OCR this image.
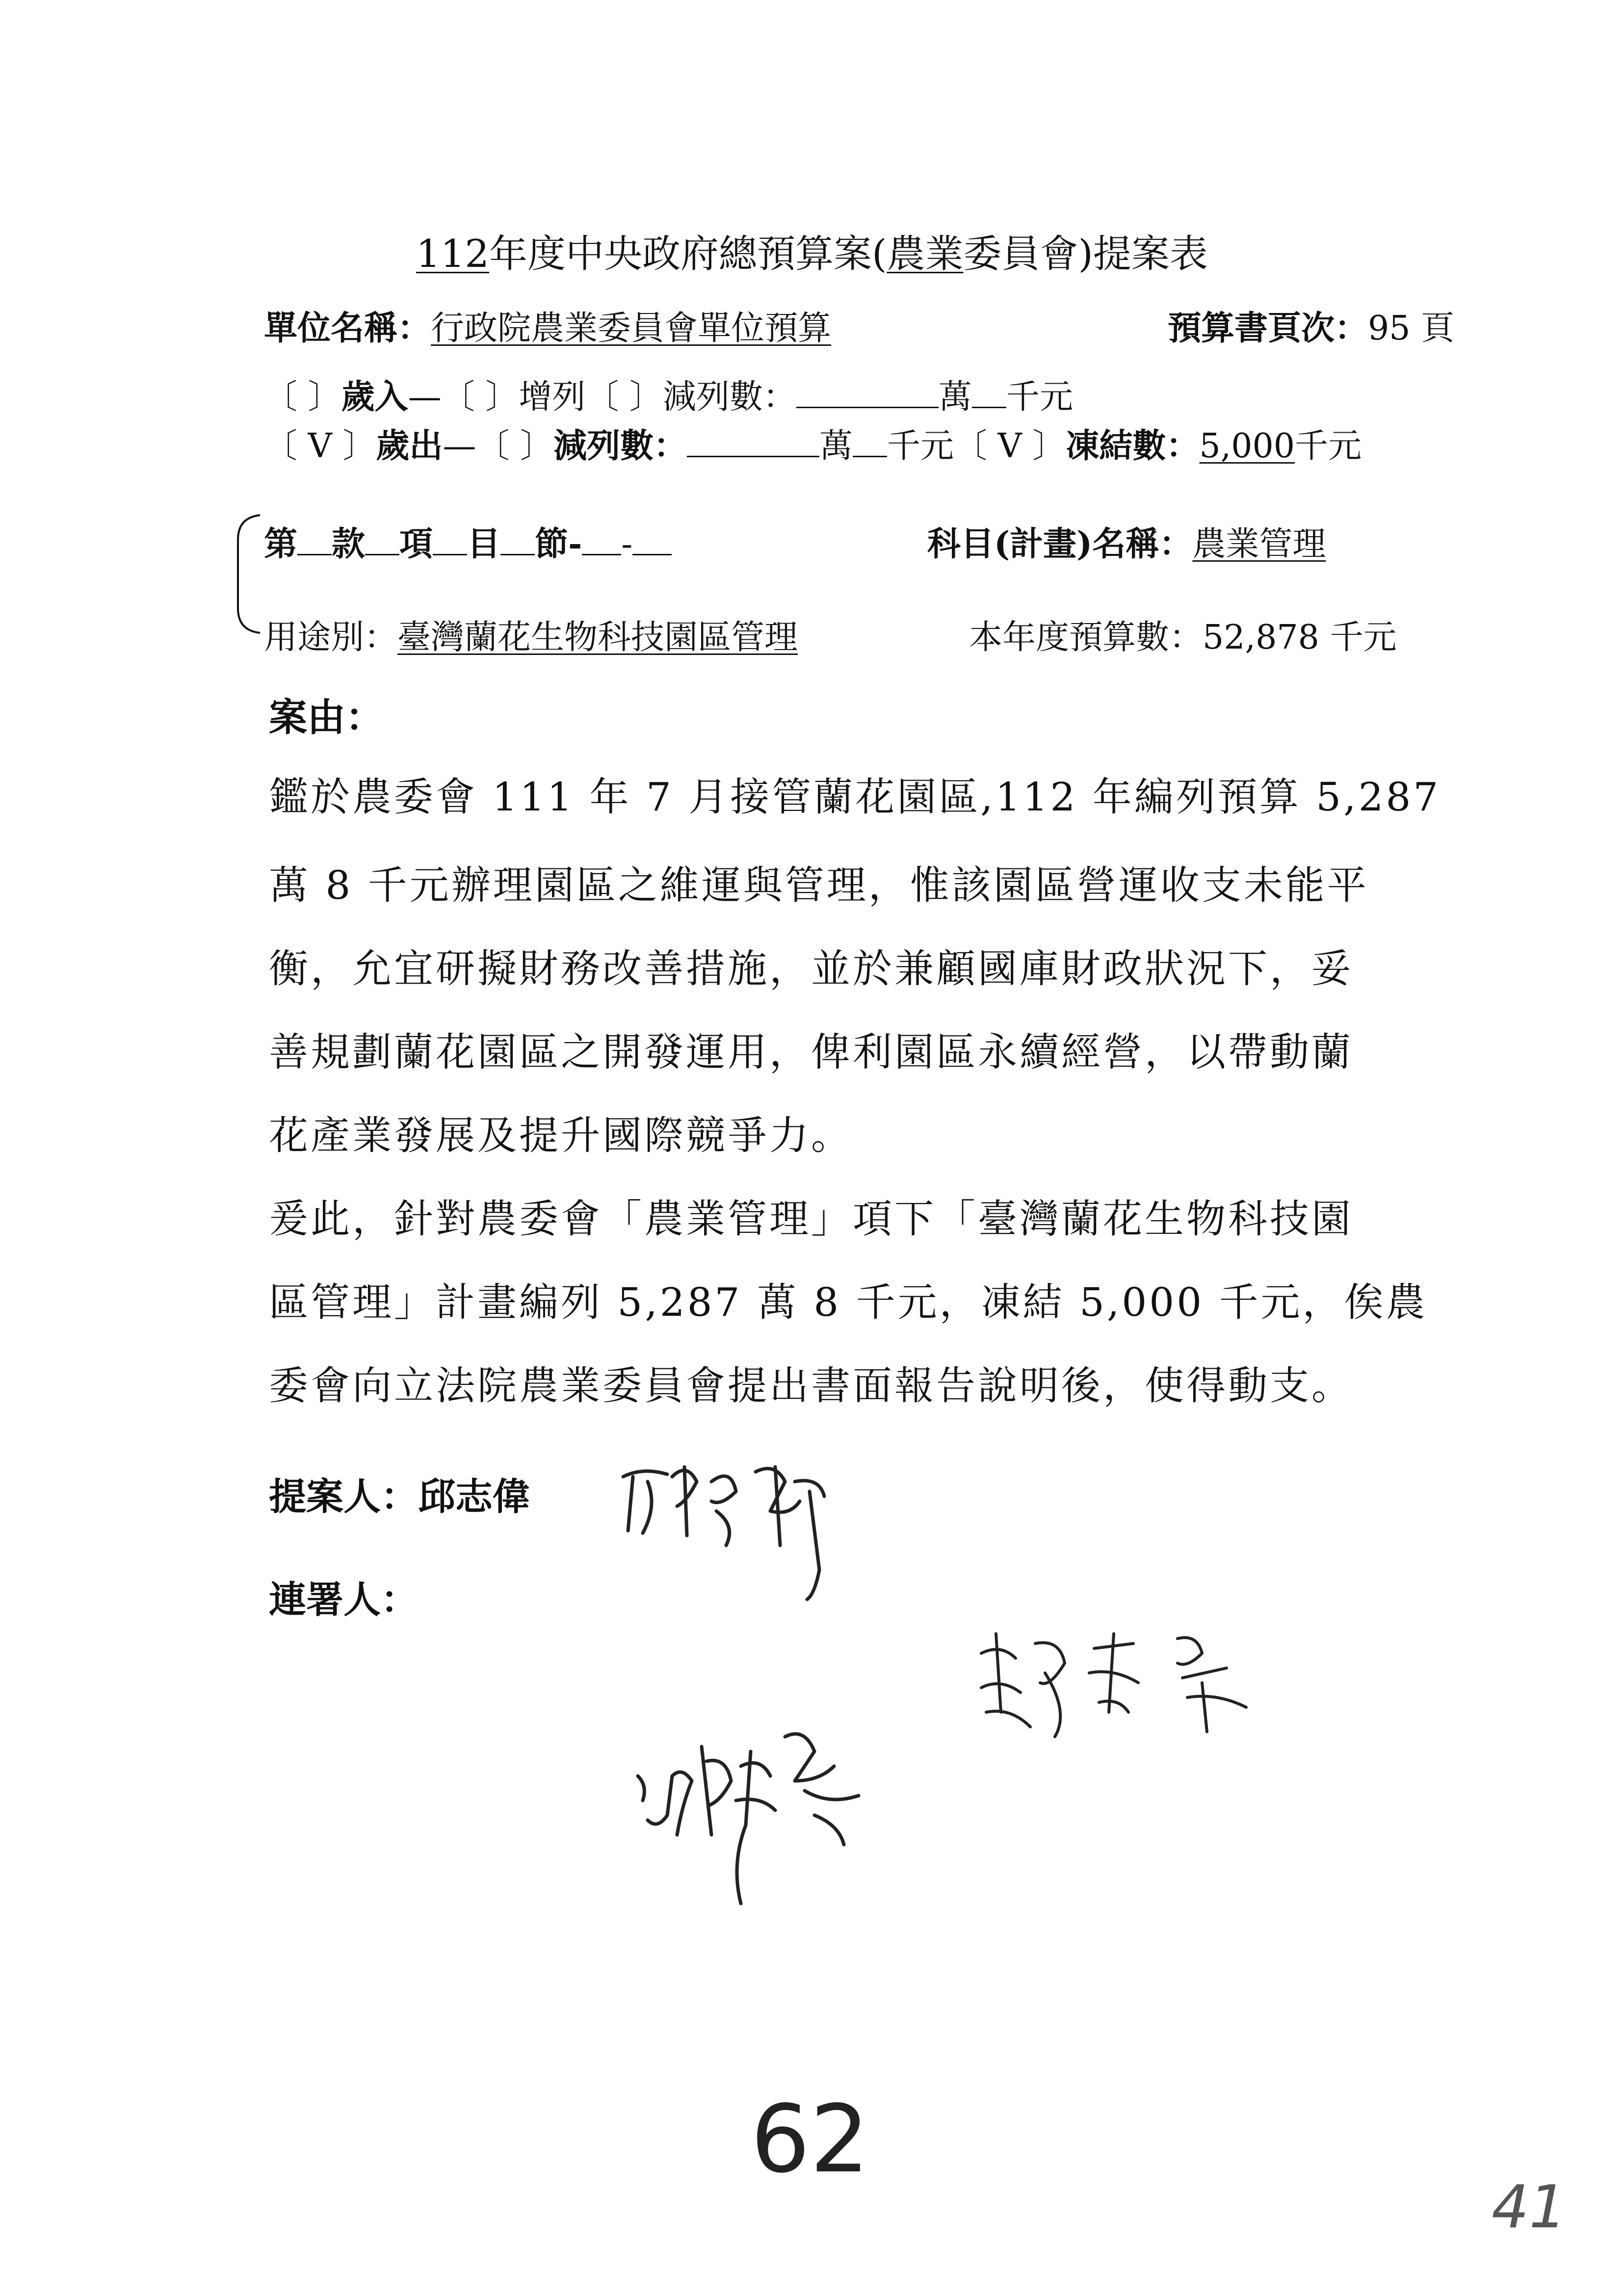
112年度中央政府總預算案(農業委員會)提案表
單位名稱：行政院農業委員會單位預算	預算書頁次：95 頁
〔 〕歲入—〔 〕增列〔 〕減列數：	萬 千元
〔 V 〕歲出—〔 〕減列數：	萬 千元〔 V 〕凍結數：5,000千元
第 款 項 目 節- -	科目(計畫)名稱：農業管理
用途別：臺灣蘭花生物科技園區管理	本年度預算數：52,878 千元
案由：
鑑於農委會 111 年 7 月接管蘭花園區,112 年編列預算 5,287
萬 8 千元辦理園區之維運與管理，惟該園區營運收支未能平
衡，允宜研擬財務改善措施，並於兼顧國庫財政狀況下，妥
善規劃蘭花園區之開發運用，俾利園區永續經營，以帶動蘭
花產業發展及提升國際競爭力。
爰此，針對農委會「農業管理」項下「臺灣蘭花生物科技園
區管理」計畫編列 5,287 萬 8 千元，凍結 5,000 千元，俟農
委會向立法院農業委員會提出書面報告說明後，使得動支。
提案人：邱志偉
連署人：
62
41
